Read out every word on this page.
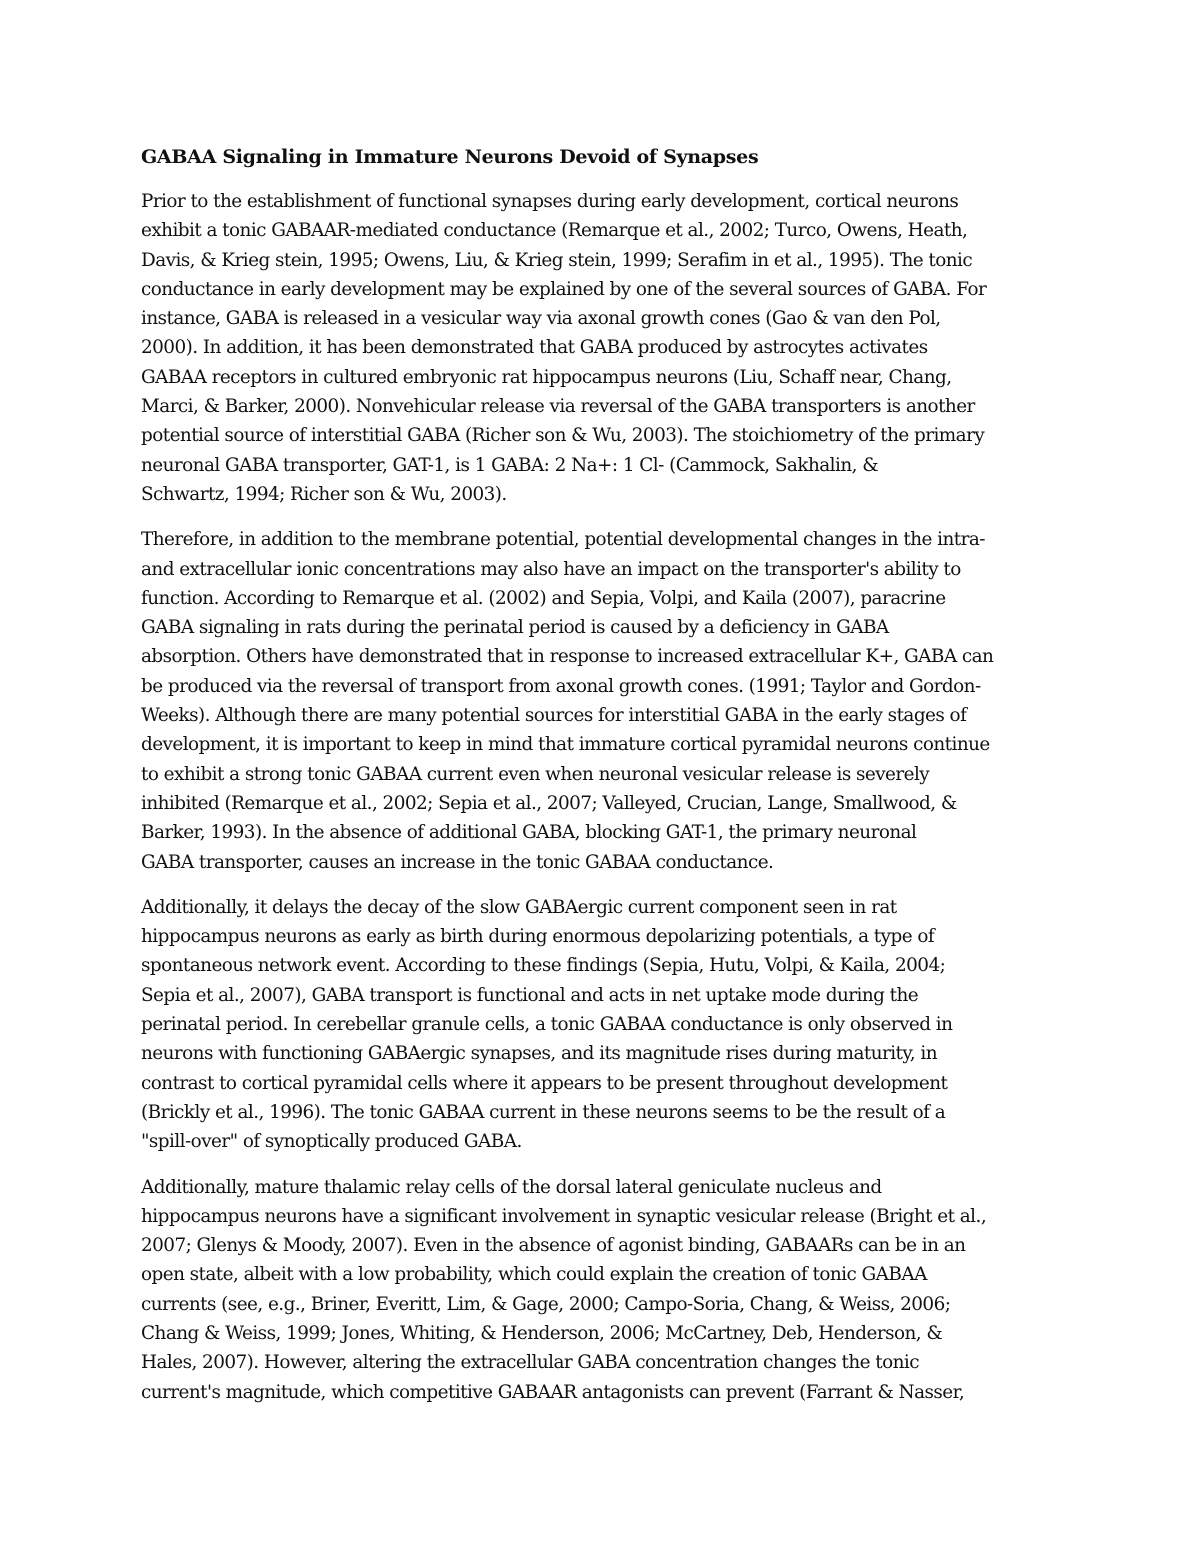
GABAA Signaling in Immature Neurons Devoid of Synapses
Prior to the establishment of functional synapses during early development, cortical neurons
exhibit a tonic GABAAR-mediated conductance (Remarque et al., 2002; Turco, Owens, Heath,
Davis, & Krieg stein, 1995; Owens, Liu, & Krieg stein, 1999; Serafim in et al., 1995). The tonic
conductance in early development may be explained by one of the several sources of GABA. For
instance, GABA is released in a vesicular way via axonal growth cones (Gao & van den Pol,
2000). In addition, it has been demonstrated that GABA produced by astrocytes activates
GABAA receptors in cultured embryonic rat hippocampus neurons (Liu, Schaff near, Chang,
Marci, & Barker, 2000). Nonvehicular release via reversal of the GABA transporters is another
potential source of interstitial GABA (Richer son & Wu, 2003). The stoichiometry of the primary
neuronal GABA transporter, GAT-1, is 1 GABA: 2 Na+: 1 Cl- (Cammock, Sakhalin, &
Schwartz, 1994; Richer son & Wu, 2003).
Therefore, in addition to the membrane potential, potential developmental changes in the intra-
and extracellular ionic concentrations may also have an impact on the transporter's ability to
function. According to Remarque et al. (2002) and Sepia, Volpi, and Kaila (2007), paracrine
GABA signaling in rats during the perinatal period is caused by a deficiency in GABA
absorption. Others have demonstrated that in response to increased extracellular K+, GABA can
be produced via the reversal of transport from axonal growth cones. (1991; Taylor and Gordon-
Weeks). Although there are many potential sources for interstitial GABA in the early stages of
development, it is important to keep in mind that immature cortical pyramidal neurons continue
to exhibit a strong tonic GABAA current even when neuronal vesicular release is severely
inhibited (Remarque et al., 2002; Sepia et al., 2007; Valleyed, Crucian, Lange, Smallwood, &
Barker, 1993). In the absence of additional GABA, blocking GAT-1, the primary neuronal
GABA transporter, causes an increase in the tonic GABAA conductance.
Additionally, it delays the decay of the slow GABAergic current component seen in rat
hippocampus neurons as early as birth during enormous depolarizing potentials, a type of
spontaneous network event. According to these findings (Sepia, Hutu, Volpi, & Kaila, 2004;
Sepia et al., 2007), GABA transport is functional and acts in net uptake mode during the
perinatal period. In cerebellar granule cells, a tonic GABAA conductance is only observed in
neurons with functioning GABAergic synapses, and its magnitude rises during maturity, in
contrast to cortical pyramidal cells where it appears to be present throughout development
(Brickly et al., 1996). The tonic GABAA current in these neurons seems to be the result of a
"spill-over" of synoptically produced GABA.
Additionally, mature thalamic relay cells of the dorsal lateral geniculate nucleus and
hippocampus neurons have a significant involvement in synaptic vesicular release (Bright et al.,
2007; Glenys & Moody, 2007). Even in the absence of agonist binding, GABAARs can be in an
open state, albeit with a low probability, which could explain the creation of tonic GABAA
currents (see, e.g., Briner, Everitt, Lim, & Gage, 2000; Campo-Soria, Chang, & Weiss, 2006;
Chang & Weiss, 1999; Jones, Whiting, & Henderson, 2006; McCartney, Deb, Henderson, &
Hales, 2007). However, altering the extracellular GABA concentration changes the tonic
current's magnitude, which competitive GABAAR antagonists can prevent (Farrant & Nasser,
